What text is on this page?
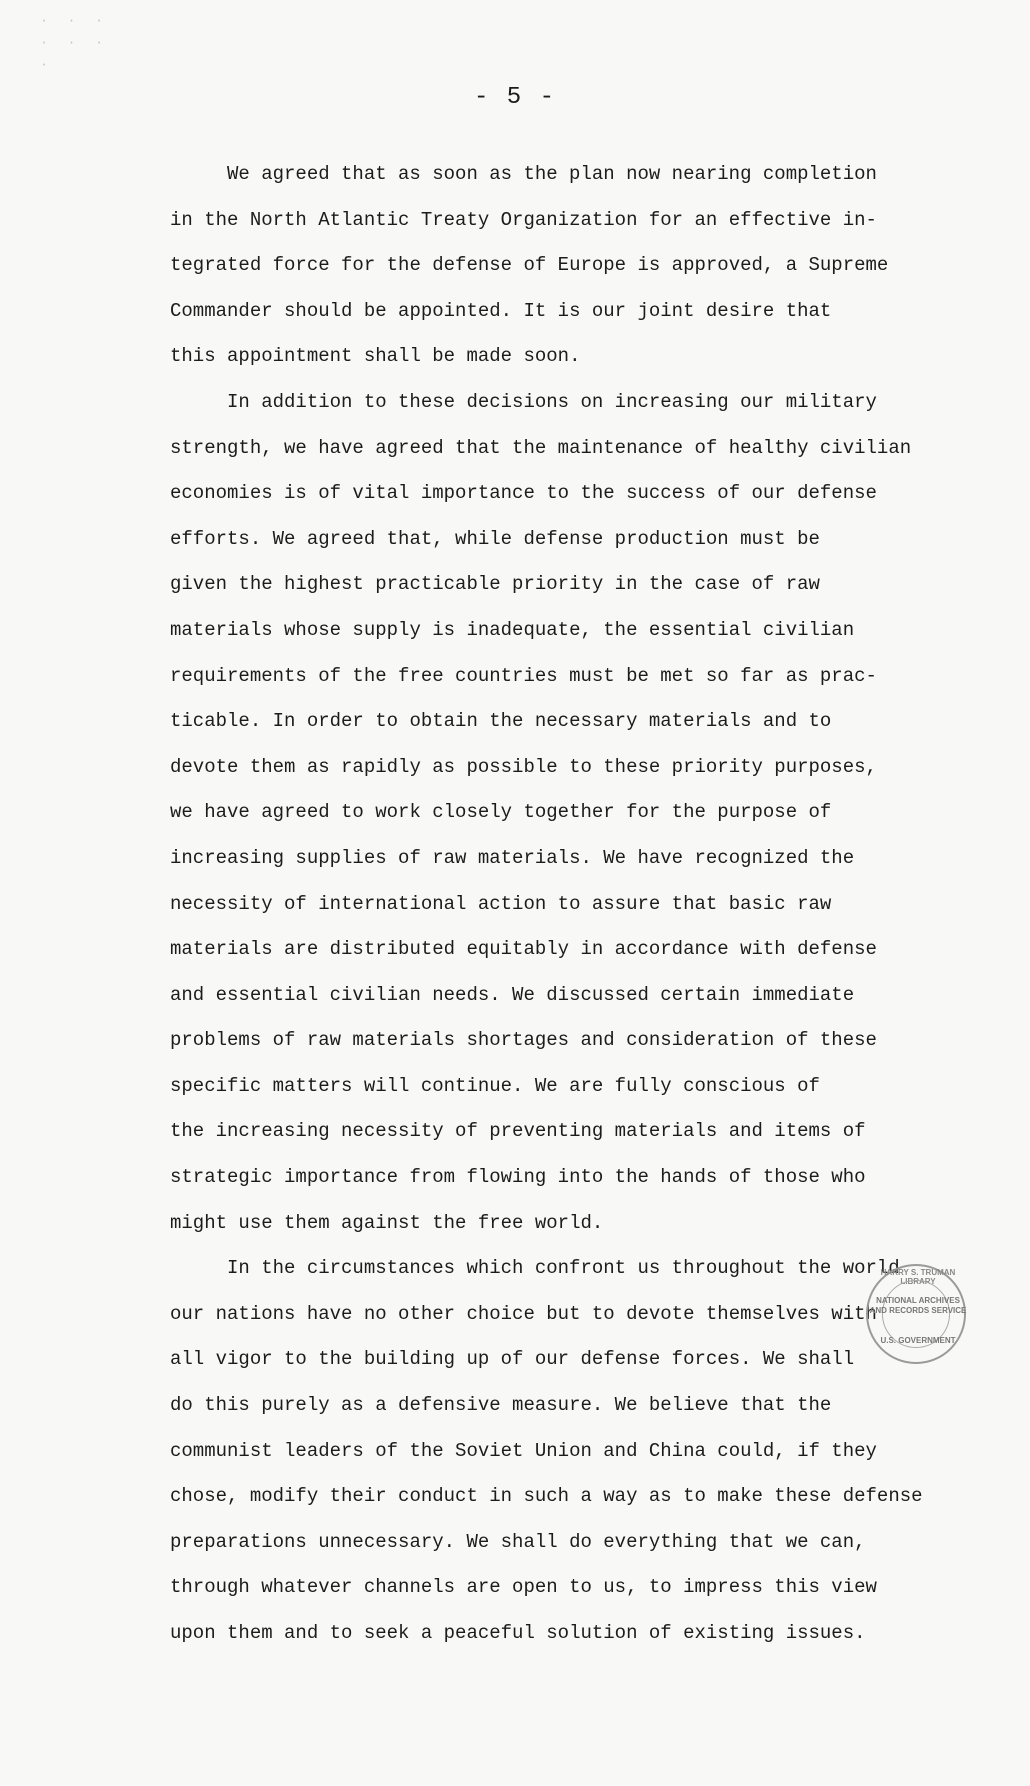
· · ·
· · ·
·
- 5 -
We agreed that as soon as the plan now nearing completion
in the North Atlantic Treaty Organization for an effective in-
tegrated force for the defense of Europe is approved, a Supreme
Commander should be appointed. It is our joint desire that
this appointment shall be made soon.
In addition to these decisions on increasing our military
strength, we have agreed that the maintenance of healthy civilian
economies is of vital importance to the success of our defense
efforts. We agreed that, while defense production must be
given the highest practicable priority in the case of raw
materials whose supply is inadequate, the essential civilian
requirements of the free countries must be met so far as prac-
ticable. In order to obtain the necessary materials and to
devote them as rapidly as possible to these priority purposes,
we have agreed to work closely together for the purpose of
increasing supplies of raw materials. We have recognized the
necessity of international action to assure that basic raw
materials are distributed equitably in accordance with defense
and essential civilian needs. We discussed certain immediate
problems of raw materials shortages and consideration of these
specific matters will continue. We are fully conscious of
the increasing necessity of preventing materials and items of
strategic importance from flowing into the hands of those who
might use them against the free world.
In the circumstances which confront us throughout the world
our nations have no other choice but to devote themselves with
all vigor to the building up of our defense forces. We shall
do this purely as a defensive measure. We believe that the
communist leaders of the Soviet Union and China could, if they
chose, modify their conduct in such a way as to make these defense
preparations unnecessary. We shall do everything that we can,
through whatever channels are open to us, to impress this view
upon them and to seek a peaceful solution of existing issues.
HARRY S. TRUMAN LIBRARY
NATIONAL ARCHIVES AND RECORDS SERVICE
U.S. GOVERNMENT
